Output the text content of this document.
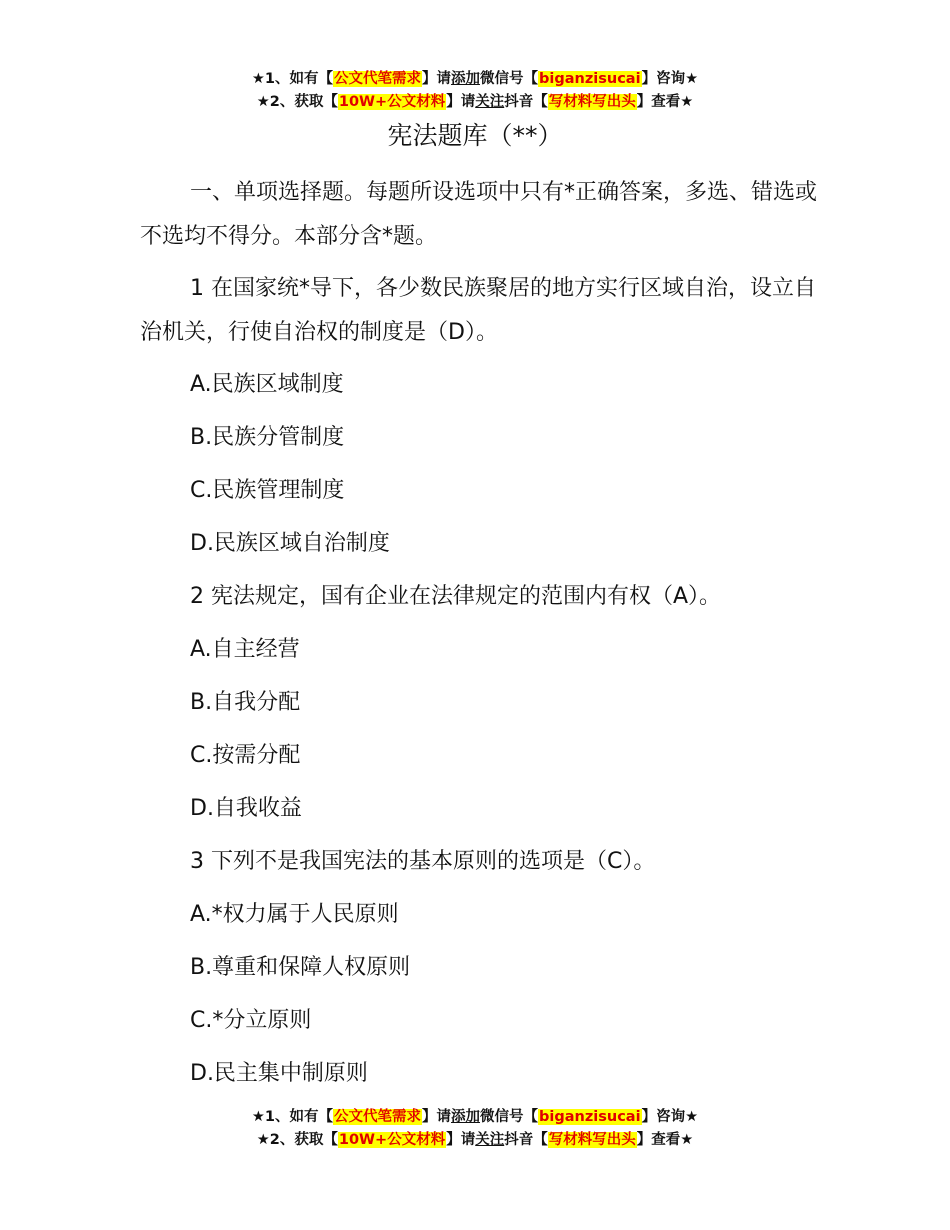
★1、如有【公文代笔需求】请添加微信号【biganzisucai】咨询★
★2、获取【10W+公文材料】请关注抖音【写材料写出头】查看★
宪法题库（**）

一、单项选择题。每题所设选项中只有*正确答案，多选、错选或不选均不得分。本部分含*题。

1 在国家统*导下，各少数民族聚居的地方实行区域自治，设立自治机关，行使自治权的制度是（D）。

A.民族区域制度
B.民族分管制度
C.民族管理制度
D.民族区域自治制度
2 宪法规定，国有企业在法律规定的范围内有权（A）。
A.自主经营
B.自我分配
C.按需分配
D.自我收益
3 下列不是我国宪法的基本原则的选项是（C）。
A.*权力属于人民原则
B.尊重和保障人权原则
C.*分立原则
D.民主集中制原则
★1、如有【公文代笔需求】请添加微信号【biganzisucai】咨询★
★2、获取【10W+公文材料】请关注抖音【写材料写出头】查看★
